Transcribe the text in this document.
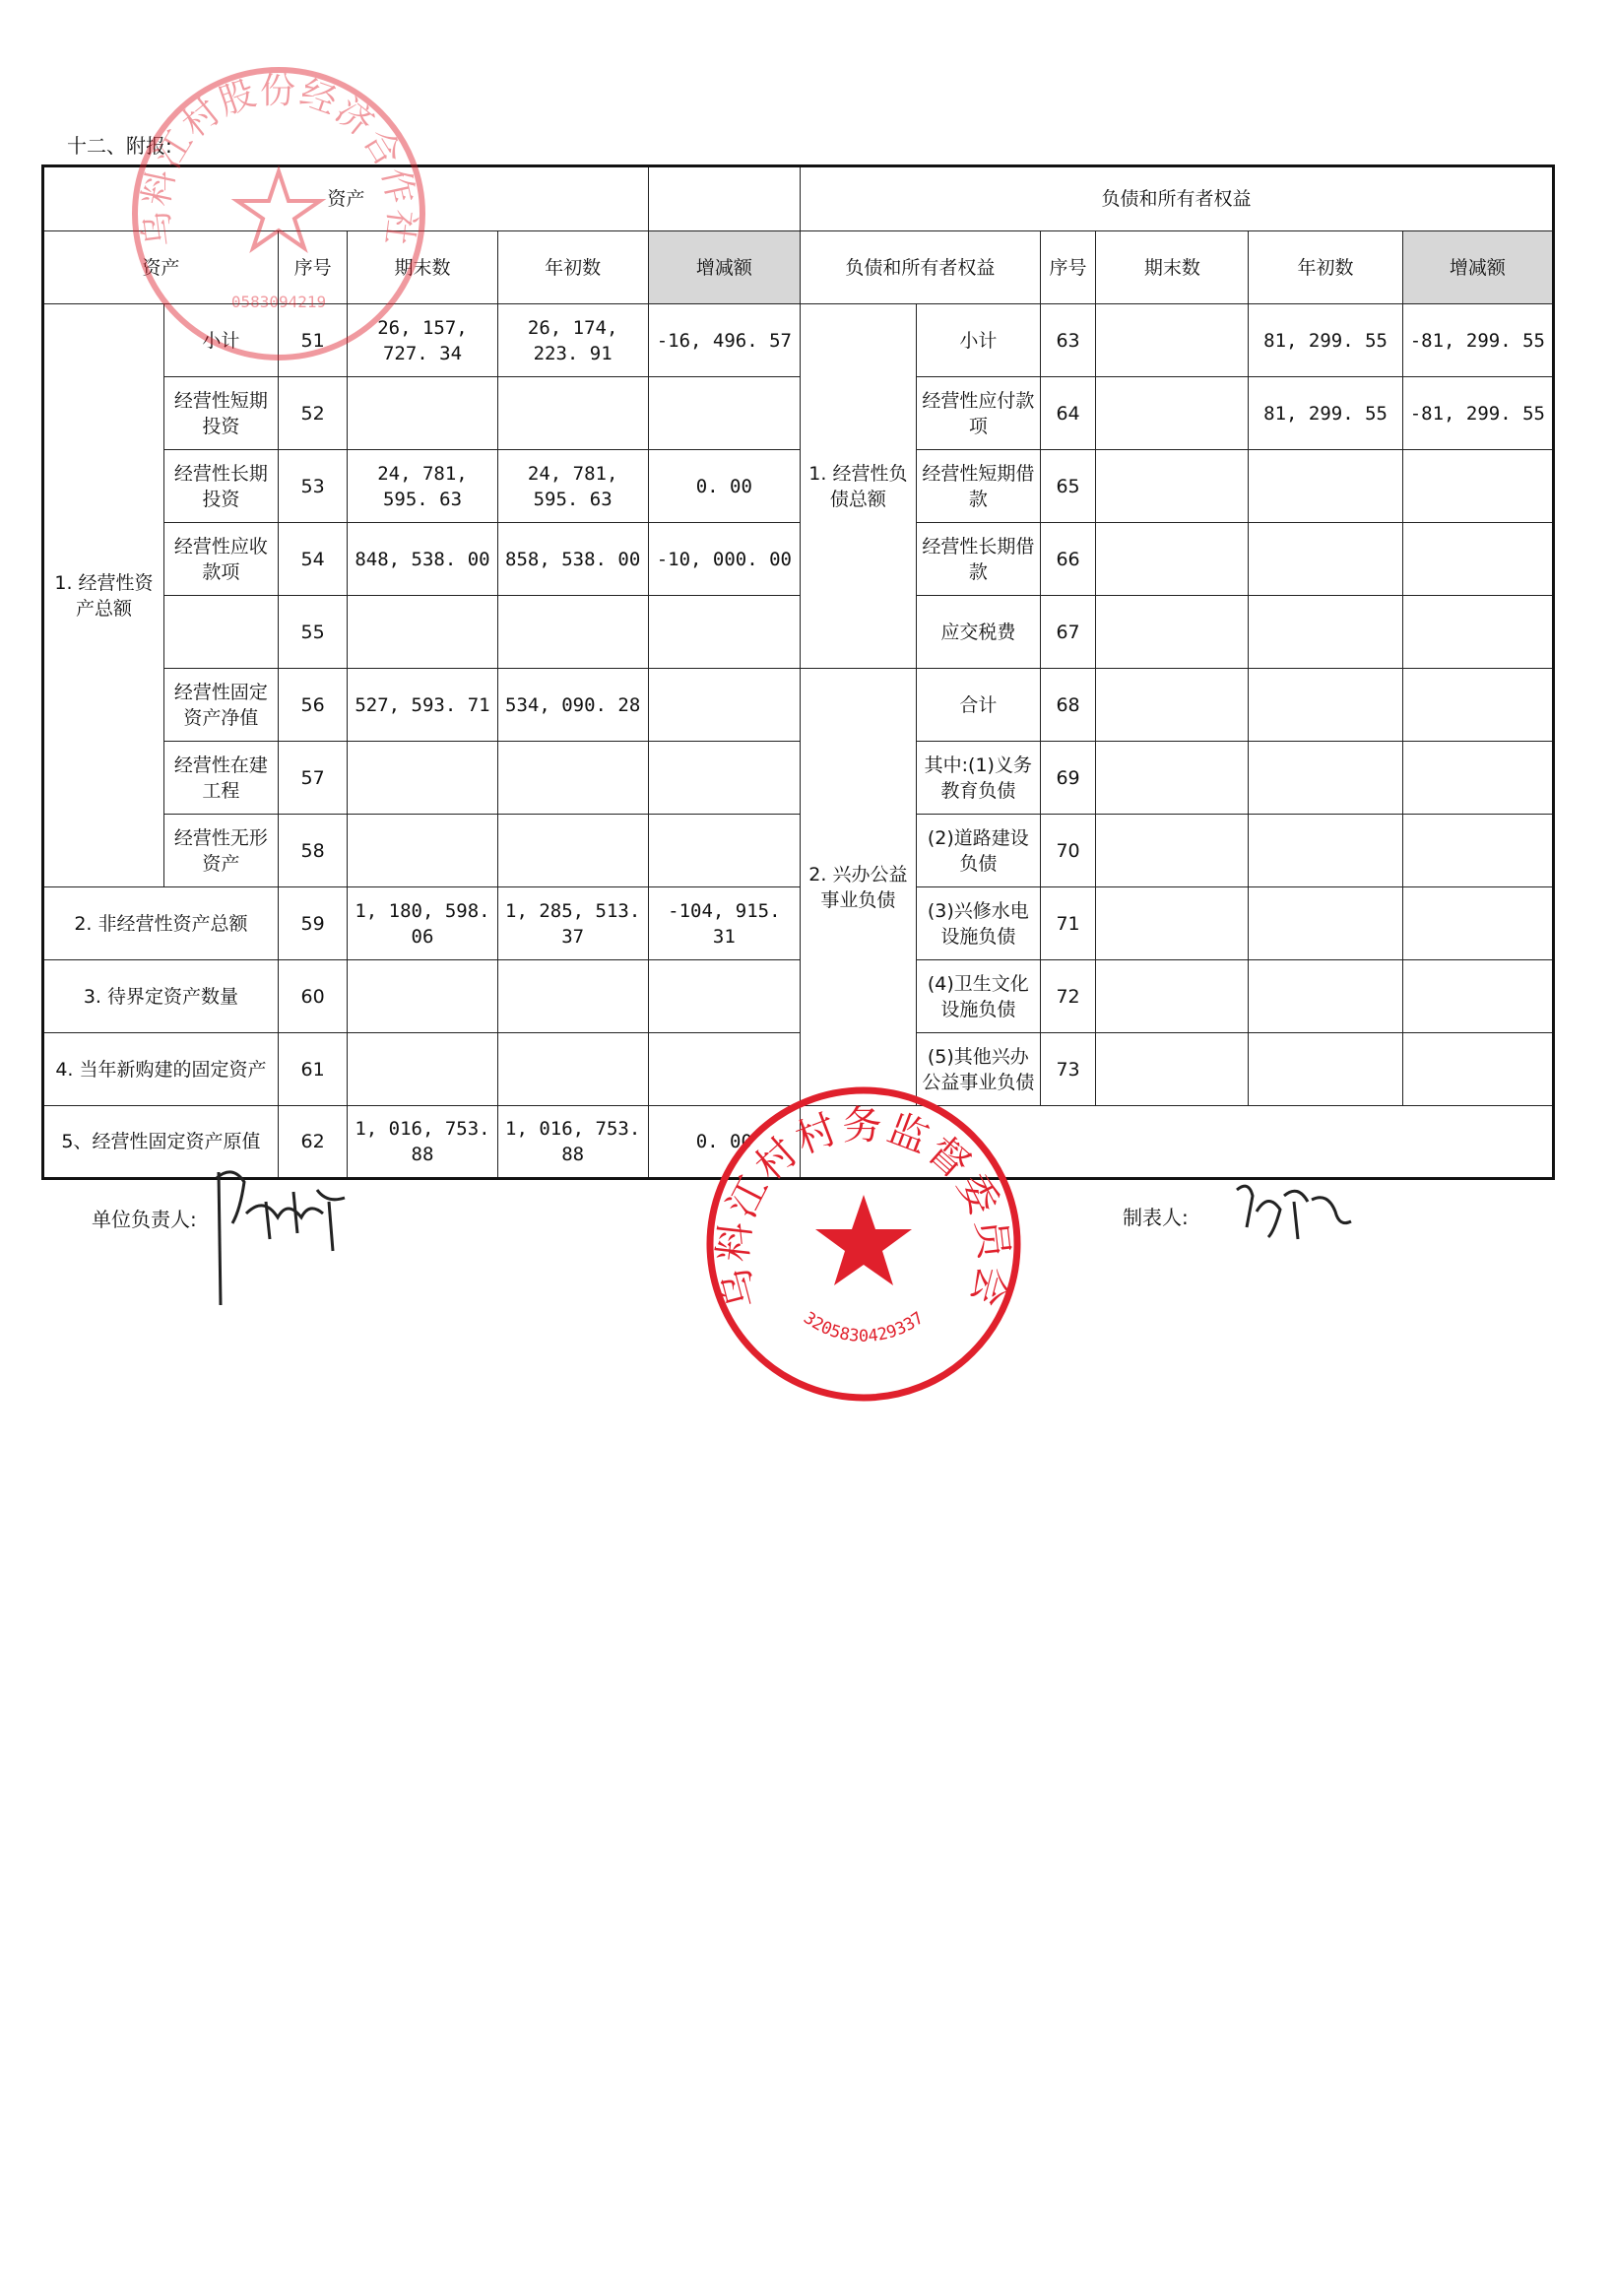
十二、附报:
资产						负债和所有者权益					
资产		序号	期末数	年初数	增减额	负债和所有者权益		序号	期末数	年初数	增减额
1. 经营性资产总额	小计	51	26, 157, 727. 34	26, 174, 223. 91	-16, 496. 57	1. 经营性负债总额	小计	63		81, 299. 55	-81, 299. 55
	经营性短期投资	52					经营性应付款项	64		81, 299. 55	-81, 299. 55
	经营性长期投资	53	24, 781, 595. 63	24, 781, 595. 63	0. 00		经营性短期借款	65			
	经营性应收款项	54	848, 538. 00	858, 538. 00	-10, 000. 00		经营性长期借款	66			
		55					应交税费	67			
	经营性固定资产净值	56	527, 593. 71	534, 090. 28		2. 兴办公益事业负债	合计	68			
	经营性在建工程	57					其中:(1)义务教育负债	69			
	经营性无形资产	58					(2)道路建设负债	70			
2. 非经营性资产总额		59	1, 180, 598. 06	1, 285, 513. 37	-104, 915. 31		(3)兴修水电设施负债	71			
3. 待界定资产数量		60					(4)卫生文化设施负债	72			
4. 当年新购建的固定资产		61					(5)其他兴办公益事业负债	73			
5、经营性固定资产原值		62	1, 016, 753. 88	1, 016, 753. 88	0. 00						
乌料江村股份经济合作社
0583094219
单位负责人:	制表人:
乌料江村村务监督委员会
3205830429337
